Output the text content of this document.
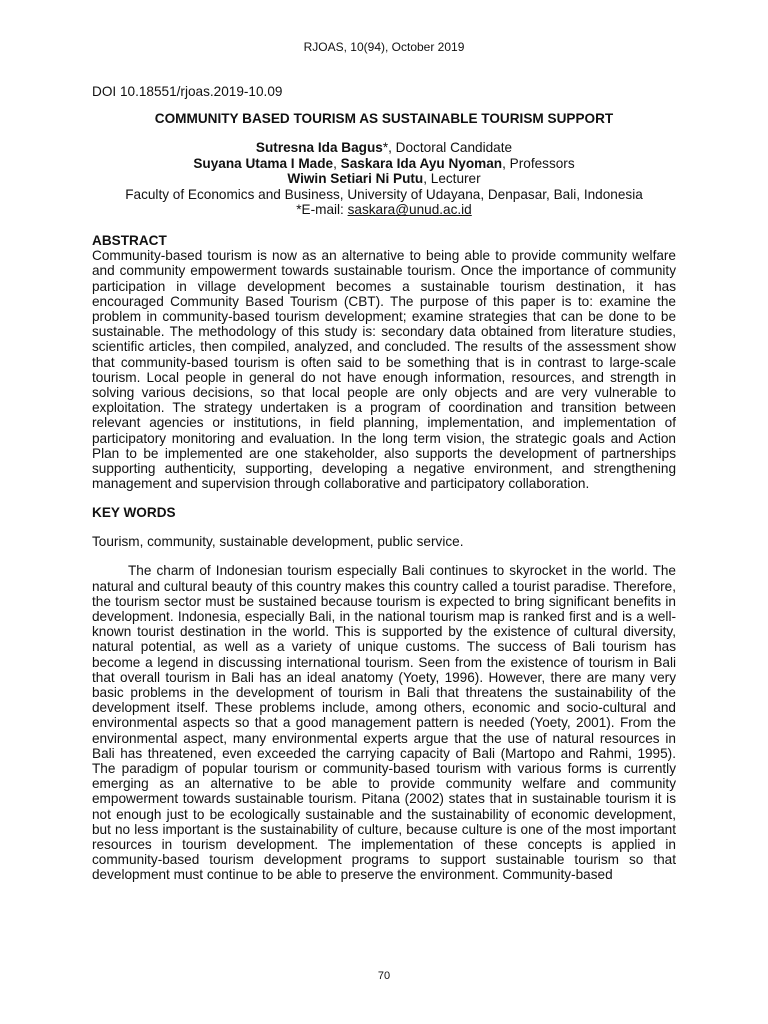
RJOAS, 10(94), October 2019

DOI 10.18551/rjoas.2019-10.09

COMMUNITY BASED TOURISM AS SUSTAINABLE TOURISM SUPPORT

Sutresna Ida Bagus*, Doctoral Candidate
Suyana Utama I Made, Saskara Ida Ayu Nyoman, Professors
Wiwin Setiari Ni Putu, Lecturer
Faculty of Economics and Business, University of Udayana, Denpasar, Bali, Indonesia
*E-mail: saskara@unud.ac.id

ABSTRACT

Community-based tourism is now as an alternative to being able to provide community welfare and community empowerment towards sustainable tourism. Once the importance of community participation in village development becomes a sustainable tourism destination, it has encouraged Community Based Tourism (CBT). The purpose of this paper is to: examine the problem in community-based tourism development; examine strategies that can be done to be sustainable. The methodology of this study is: secondary data obtained from literature studies, scientific articles, then compiled, analyzed, and concluded. The results of the assessment show that community-based tourism is often said to be something that is in contrast to large-scale tourism. Local people in general do not have enough information, resources, and strength in solving various decisions, so that local people are only objects and are very vulnerable to exploitation. The strategy undertaken is a program of coordination and transition between relevant agencies or institutions, in field planning, implementation, and implementation of participatory monitoring and evaluation. In the long term vision, the strategic goals and Action Plan to be implemented are one stakeholder, also supports the development of partnerships supporting authenticity, supporting, developing a negative environment, and strengthening management and supervision through collaborative and participatory collaboration.

KEY WORDS

Tourism, community, sustainable development, public service.

The charm of Indonesian tourism especially Bali continues to skyrocket in the world. The natural and cultural beauty of this country makes this country called a tourist paradise. Therefore, the tourism sector must be sustained because tourism is expected to bring significant benefits in development. Indonesia, especially Bali, in the national tourism map is ranked first and is a well-known tourist destination in the world. This is supported by the existence of cultural diversity, natural potential, as well as a variety of unique customs. The success of Bali tourism has become a legend in discussing international tourism. Seen from the existence of tourism in Bali that overall tourism in Bali has an ideal anatomy (Yoety, 1996). However, there are many very basic problems in the development of tourism in Bali that threatens the sustainability of the development itself. These problems include, among others, economic and socio-cultural and environmental aspects so that a good management pattern is needed (Yoety, 2001). From the environmental aspect, many environmental experts argue that the use of natural resources in Bali has threatened, even exceeded the carrying capacity of Bali (Martopo and Rahmi, 1995). The paradigm of popular tourism or community-based tourism with various forms is currently emerging as an alternative to be able to provide community welfare and community empowerment towards sustainable tourism. Pitana (2002) states that in sustainable tourism it is not enough just to be ecologically sustainable and the sustainability of economic development, but no less important is the sustainability of culture, because culture is one of the most important resources in tourism development. The implementation of these concepts is applied in community-based tourism development programs to support sustainable tourism so that development must continue to be able to preserve the environment. Community-based

70
